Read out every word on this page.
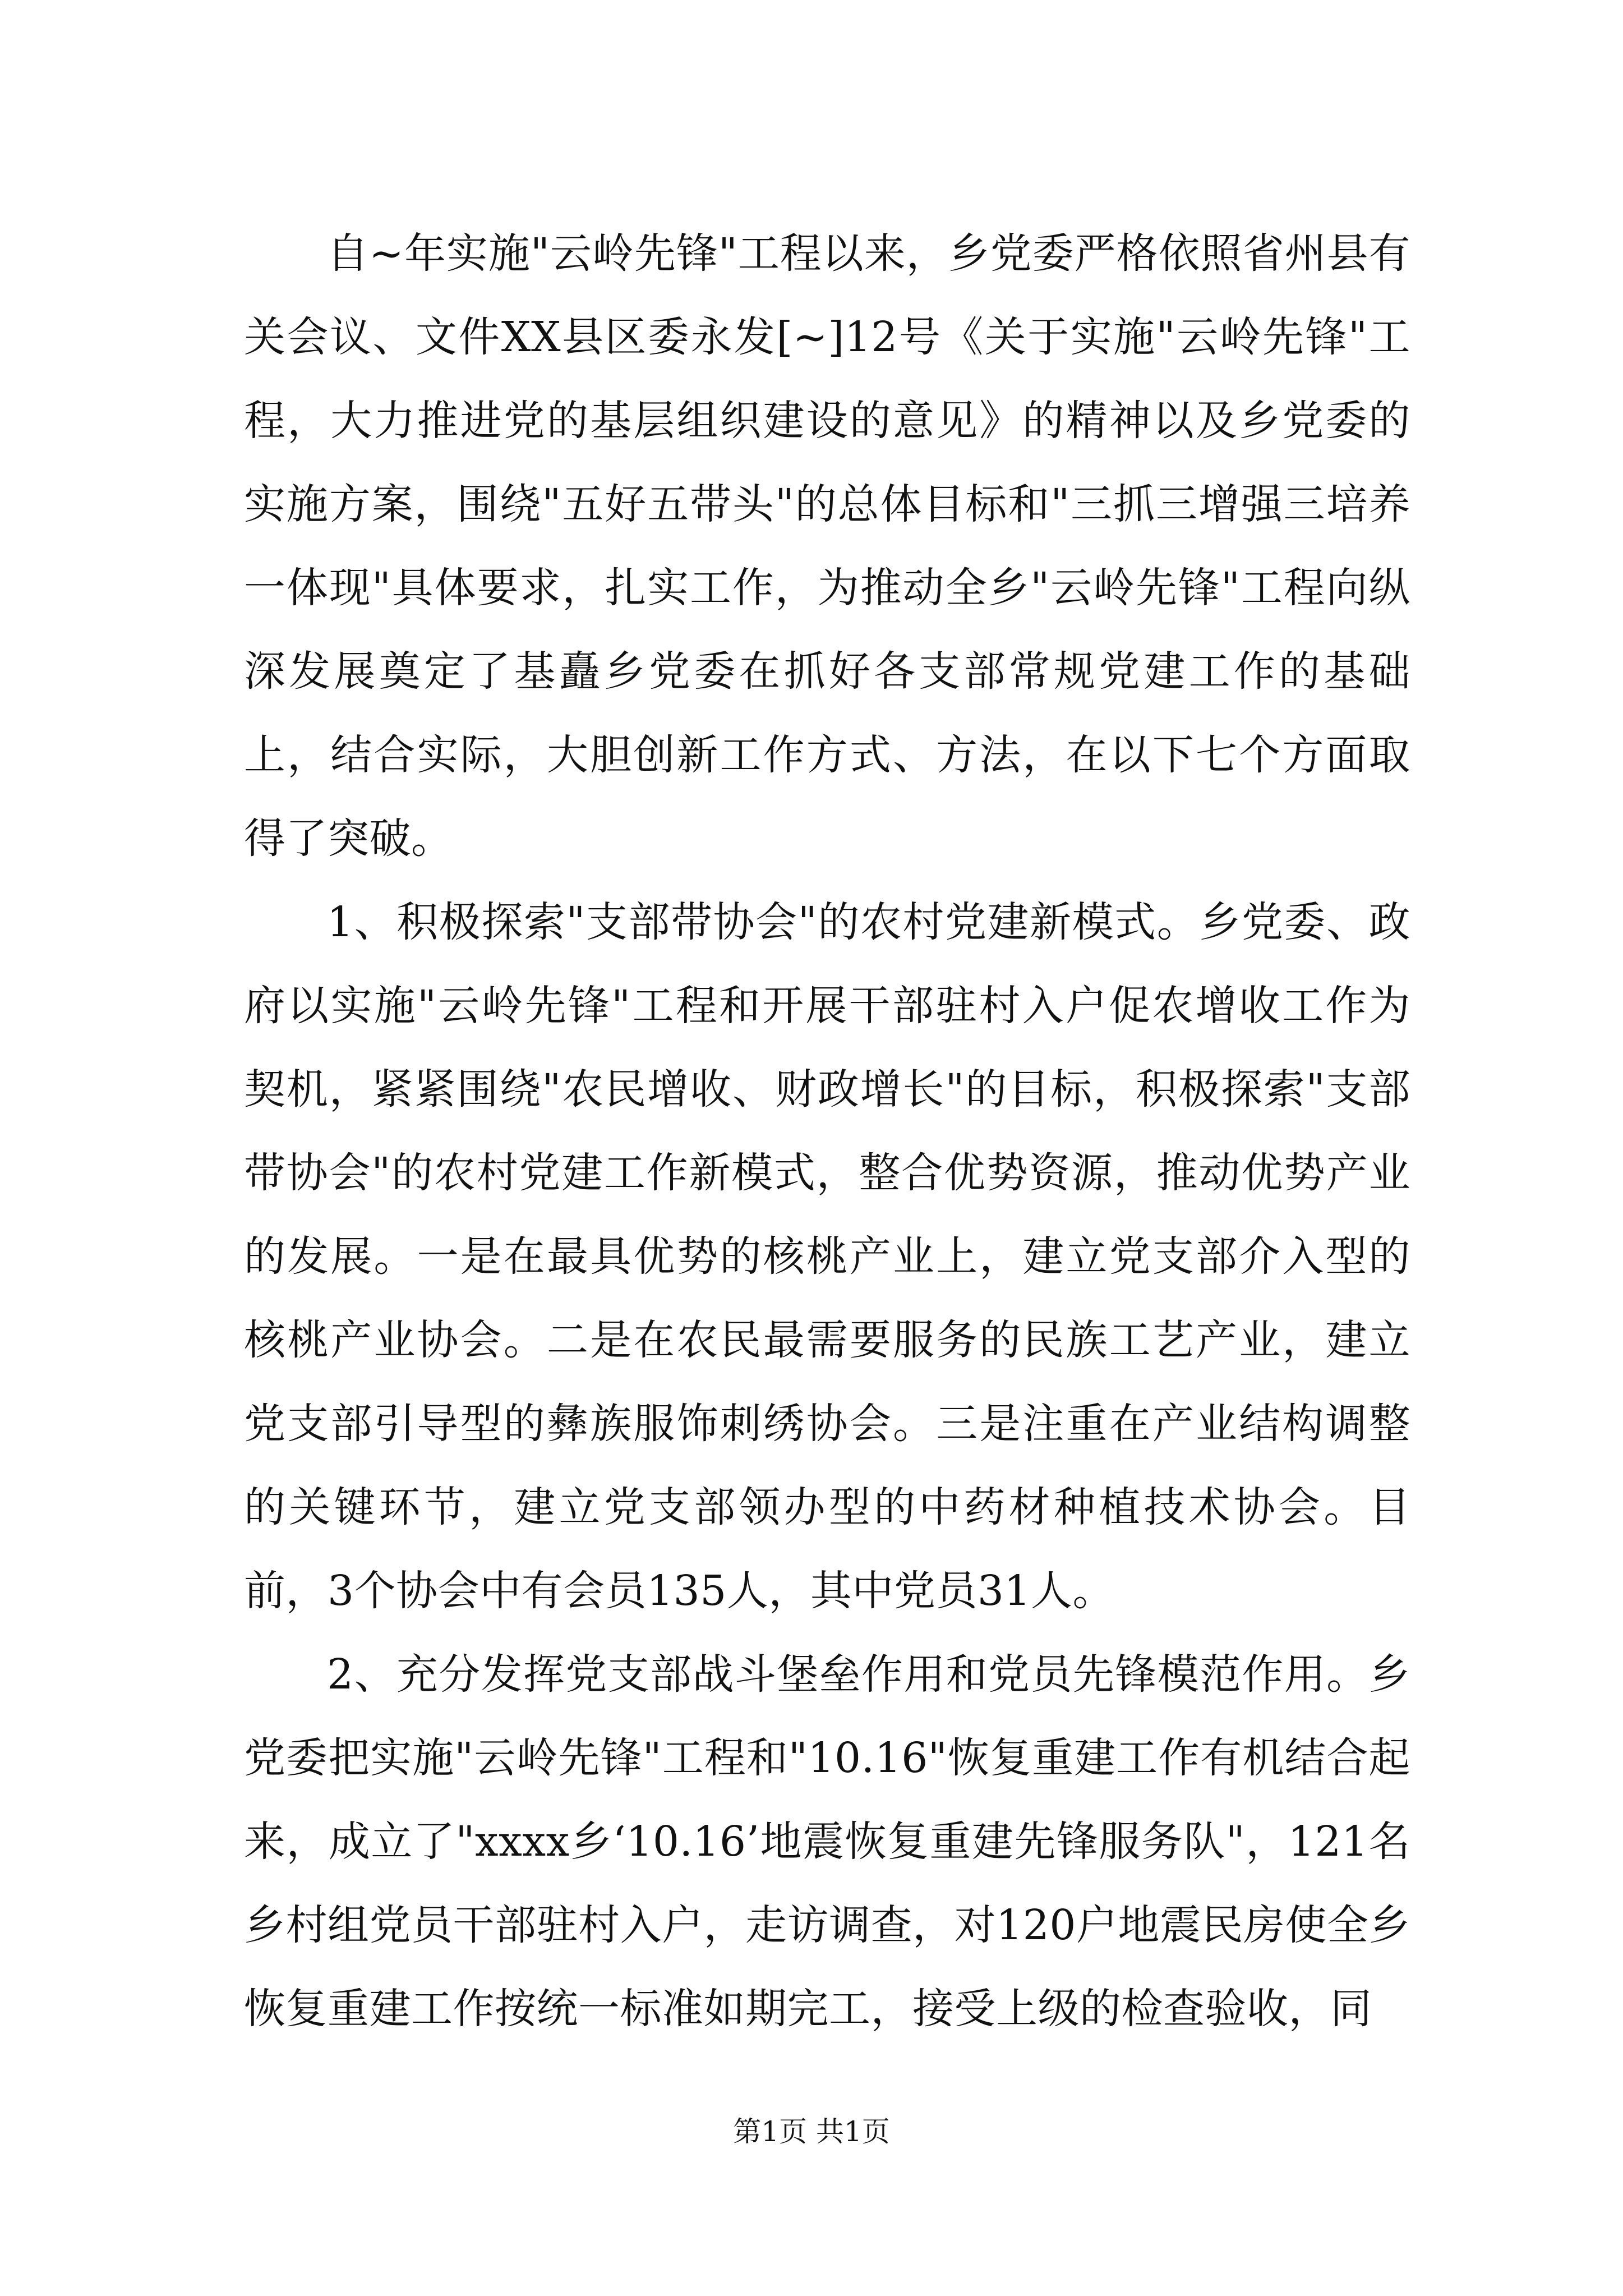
自~年实施"云岭先锋"工程以来，乡党委严格依照省州县有关会议、文件XX县区委永发[~]12号《关于实施"云岭先锋"工程，大力推进党的基层组织建设的意见》的精神以及乡党委的实施方案，围绕"五好五带头"的总体目标和"三抓三增强三培养一体现"具体要求，扎实工作，为推动全乡"云岭先锋"工程向纵深发展奠定了基矗乡党委在抓好各支部常规党建工作的基础上，结合实际，大胆创新工作方式、方法，在以下七个方面取得了突破。

1、积极探索"支部带协会"的农村党建新模式。乡党委、政府以实施"云岭先锋"工程和开展干部驻村入户促农增收工作为契机，紧紧围绕"农民增收、财政增长"的目标，积极探索"支部带协会"的农村党建工作新模式，整合优势资源，推动优势产业的发展。一是在最具优势的核桃产业上，建立党支部介入型的核桃产业协会。二是在农民最需要服务的民族工艺产业，建立党支部引导型的彝族服饰刺绣协会。三是注重在产业结构调整的关键环节，建立党支部领办型的中药材种植技术协会。目前，3个协会中有会员135人，其中党员31人。

2、充分发挥党支部战斗堡垒作用和党员先锋模范作用。乡党委把实施"云岭先锋"工程和"10.16"恢复重建工作有机结合起来，成立了"xxxx乡‘10.16’地震恢复重建先锋服务队"，121名乡村组党员干部驻村入户，走访调查，对120户地震民房使全乡恢复重建工作按统一标准如期完工，接受上级的检查验收，同

第1页 共1页
